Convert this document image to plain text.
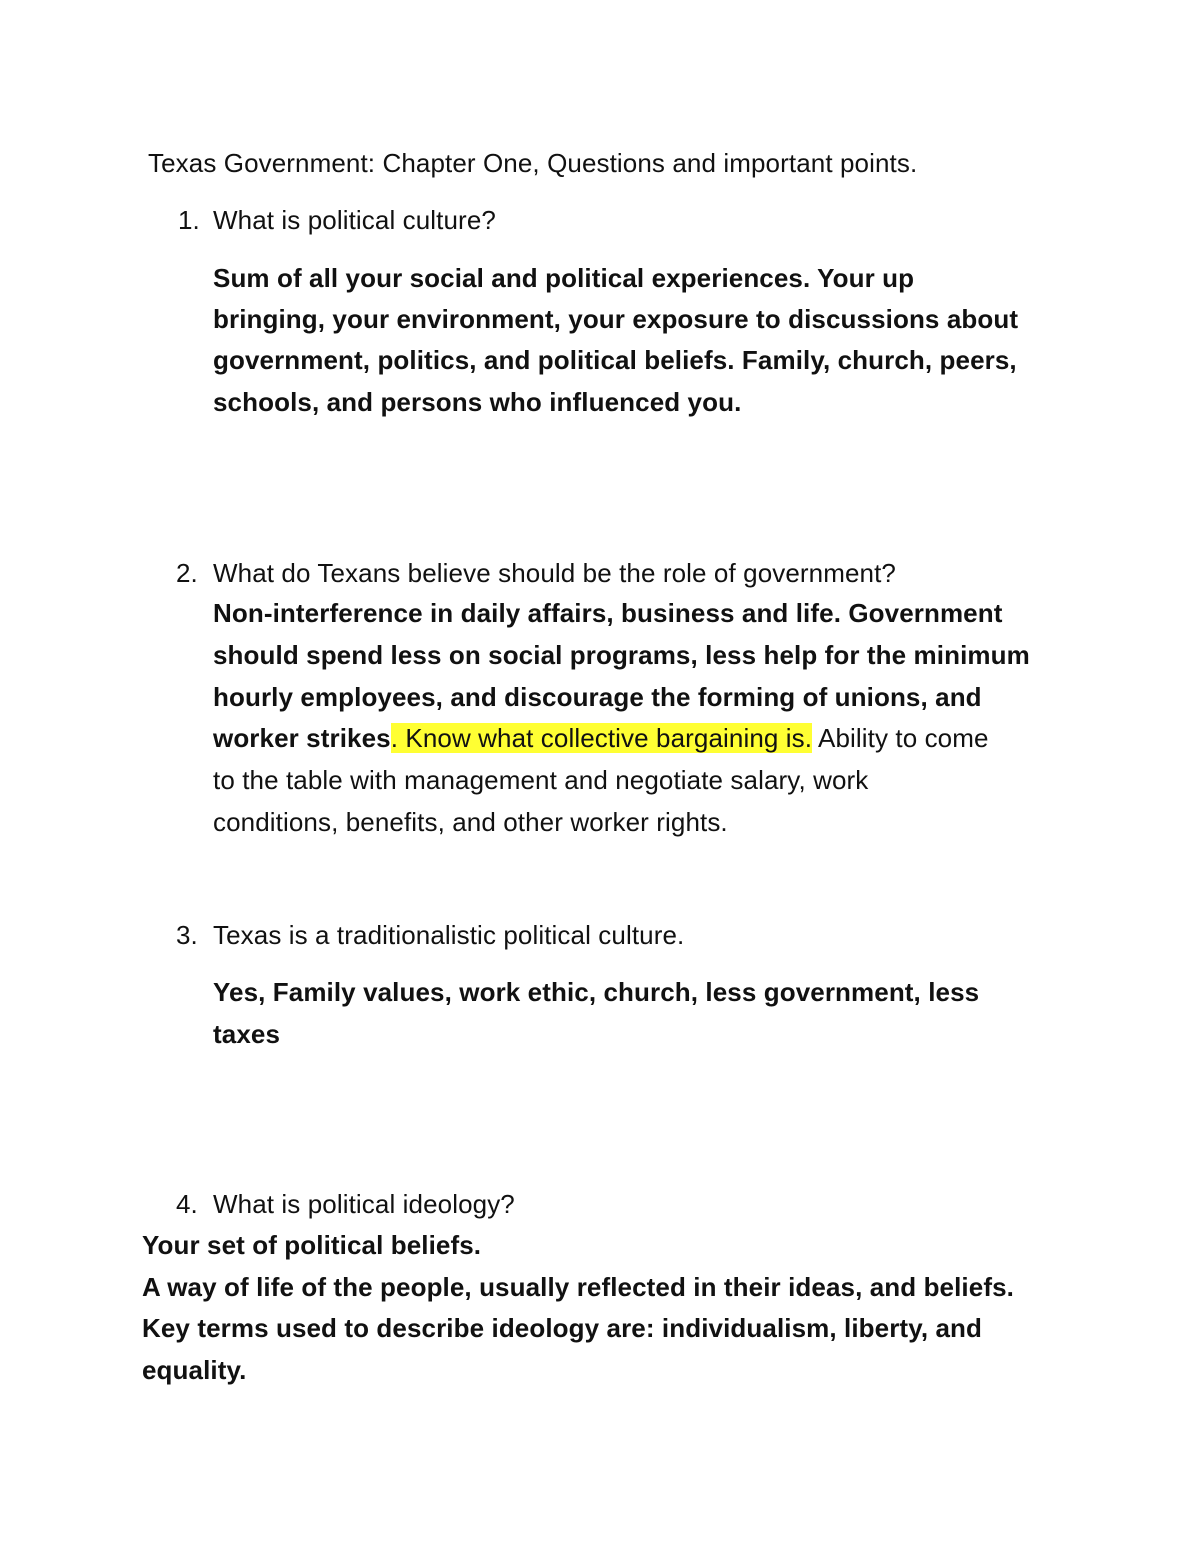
Texas Government: Chapter One, Questions and important points.
1. What is political culture?
Sum of all your social and political experiences. Your up
bringing, your environment, your exposure to discussions about
government, politics, and political beliefs. Family, church, peers,
schools, and persons who influenced you.
2. What do Texans believe should be the role of government?
Non-interference in daily affairs, business and life. Government
should spend less on social programs, less help for the minimum
hourly employees, and discourage the forming of unions, and
worker strikes. Know what collective bargaining is. Ability to come
to the table with management and negotiate salary, work
conditions, benefits, and other worker rights.
3. Texas is a traditionalistic political culture.
Yes, Family values, work ethic, church, less government, less
taxes
4. What is political ideology?
Your set of political beliefs.
A way of life of the people, usually reflected in their ideas, and beliefs.
Key terms used to describe ideology are: individualism, liberty, and
equality.
